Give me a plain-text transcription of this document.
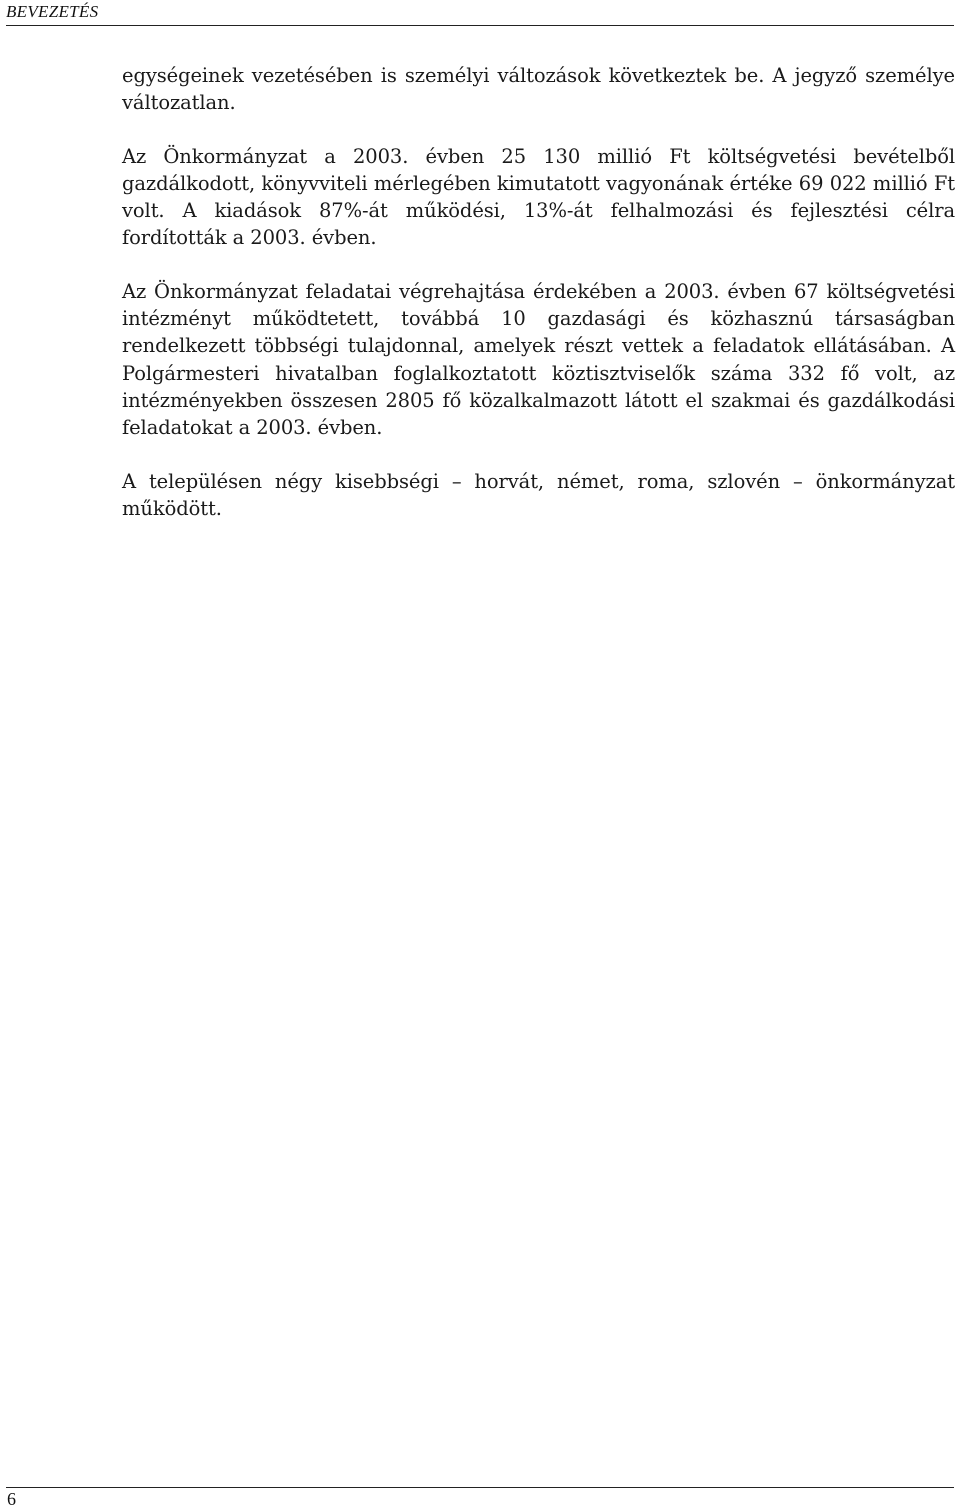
BEVEZETÉS

egységeinek vezetésében is személyi változások következtek be. A jegyző személye változatlan.

Az Önkormányzat a 2003. évben 25 130 millió Ft költségvetési bevételből gazdálkodott, könyvviteli mérlegében kimutatott vagyonának értéke 69 022 millió Ft volt. A kiadások 87%-át működési, 13%-át felhalmozási és fejlesztési célra fordították a 2003. évben.

Az Önkormányzat feladatai végrehajtása érdekében a 2003. évben 67 költségvetési intézményt működtetett, továbbá 10 gazdasági és közhasznú társaságban rendelkezett többségi tulajdonnal, amelyek részt vettek a feladatok ellátásában. A Polgármesteri hivatalban foglalkoztatott köztisztviselők száma 332 fő volt, az intézményekben összesen 2805 fő közalkalmazott látott el szakmai és gazdálkodási feladatokat a 2003. évben.

A településen négy kisebbségi – horvát, német, roma, szlovén – önkormányzat működött.

6
